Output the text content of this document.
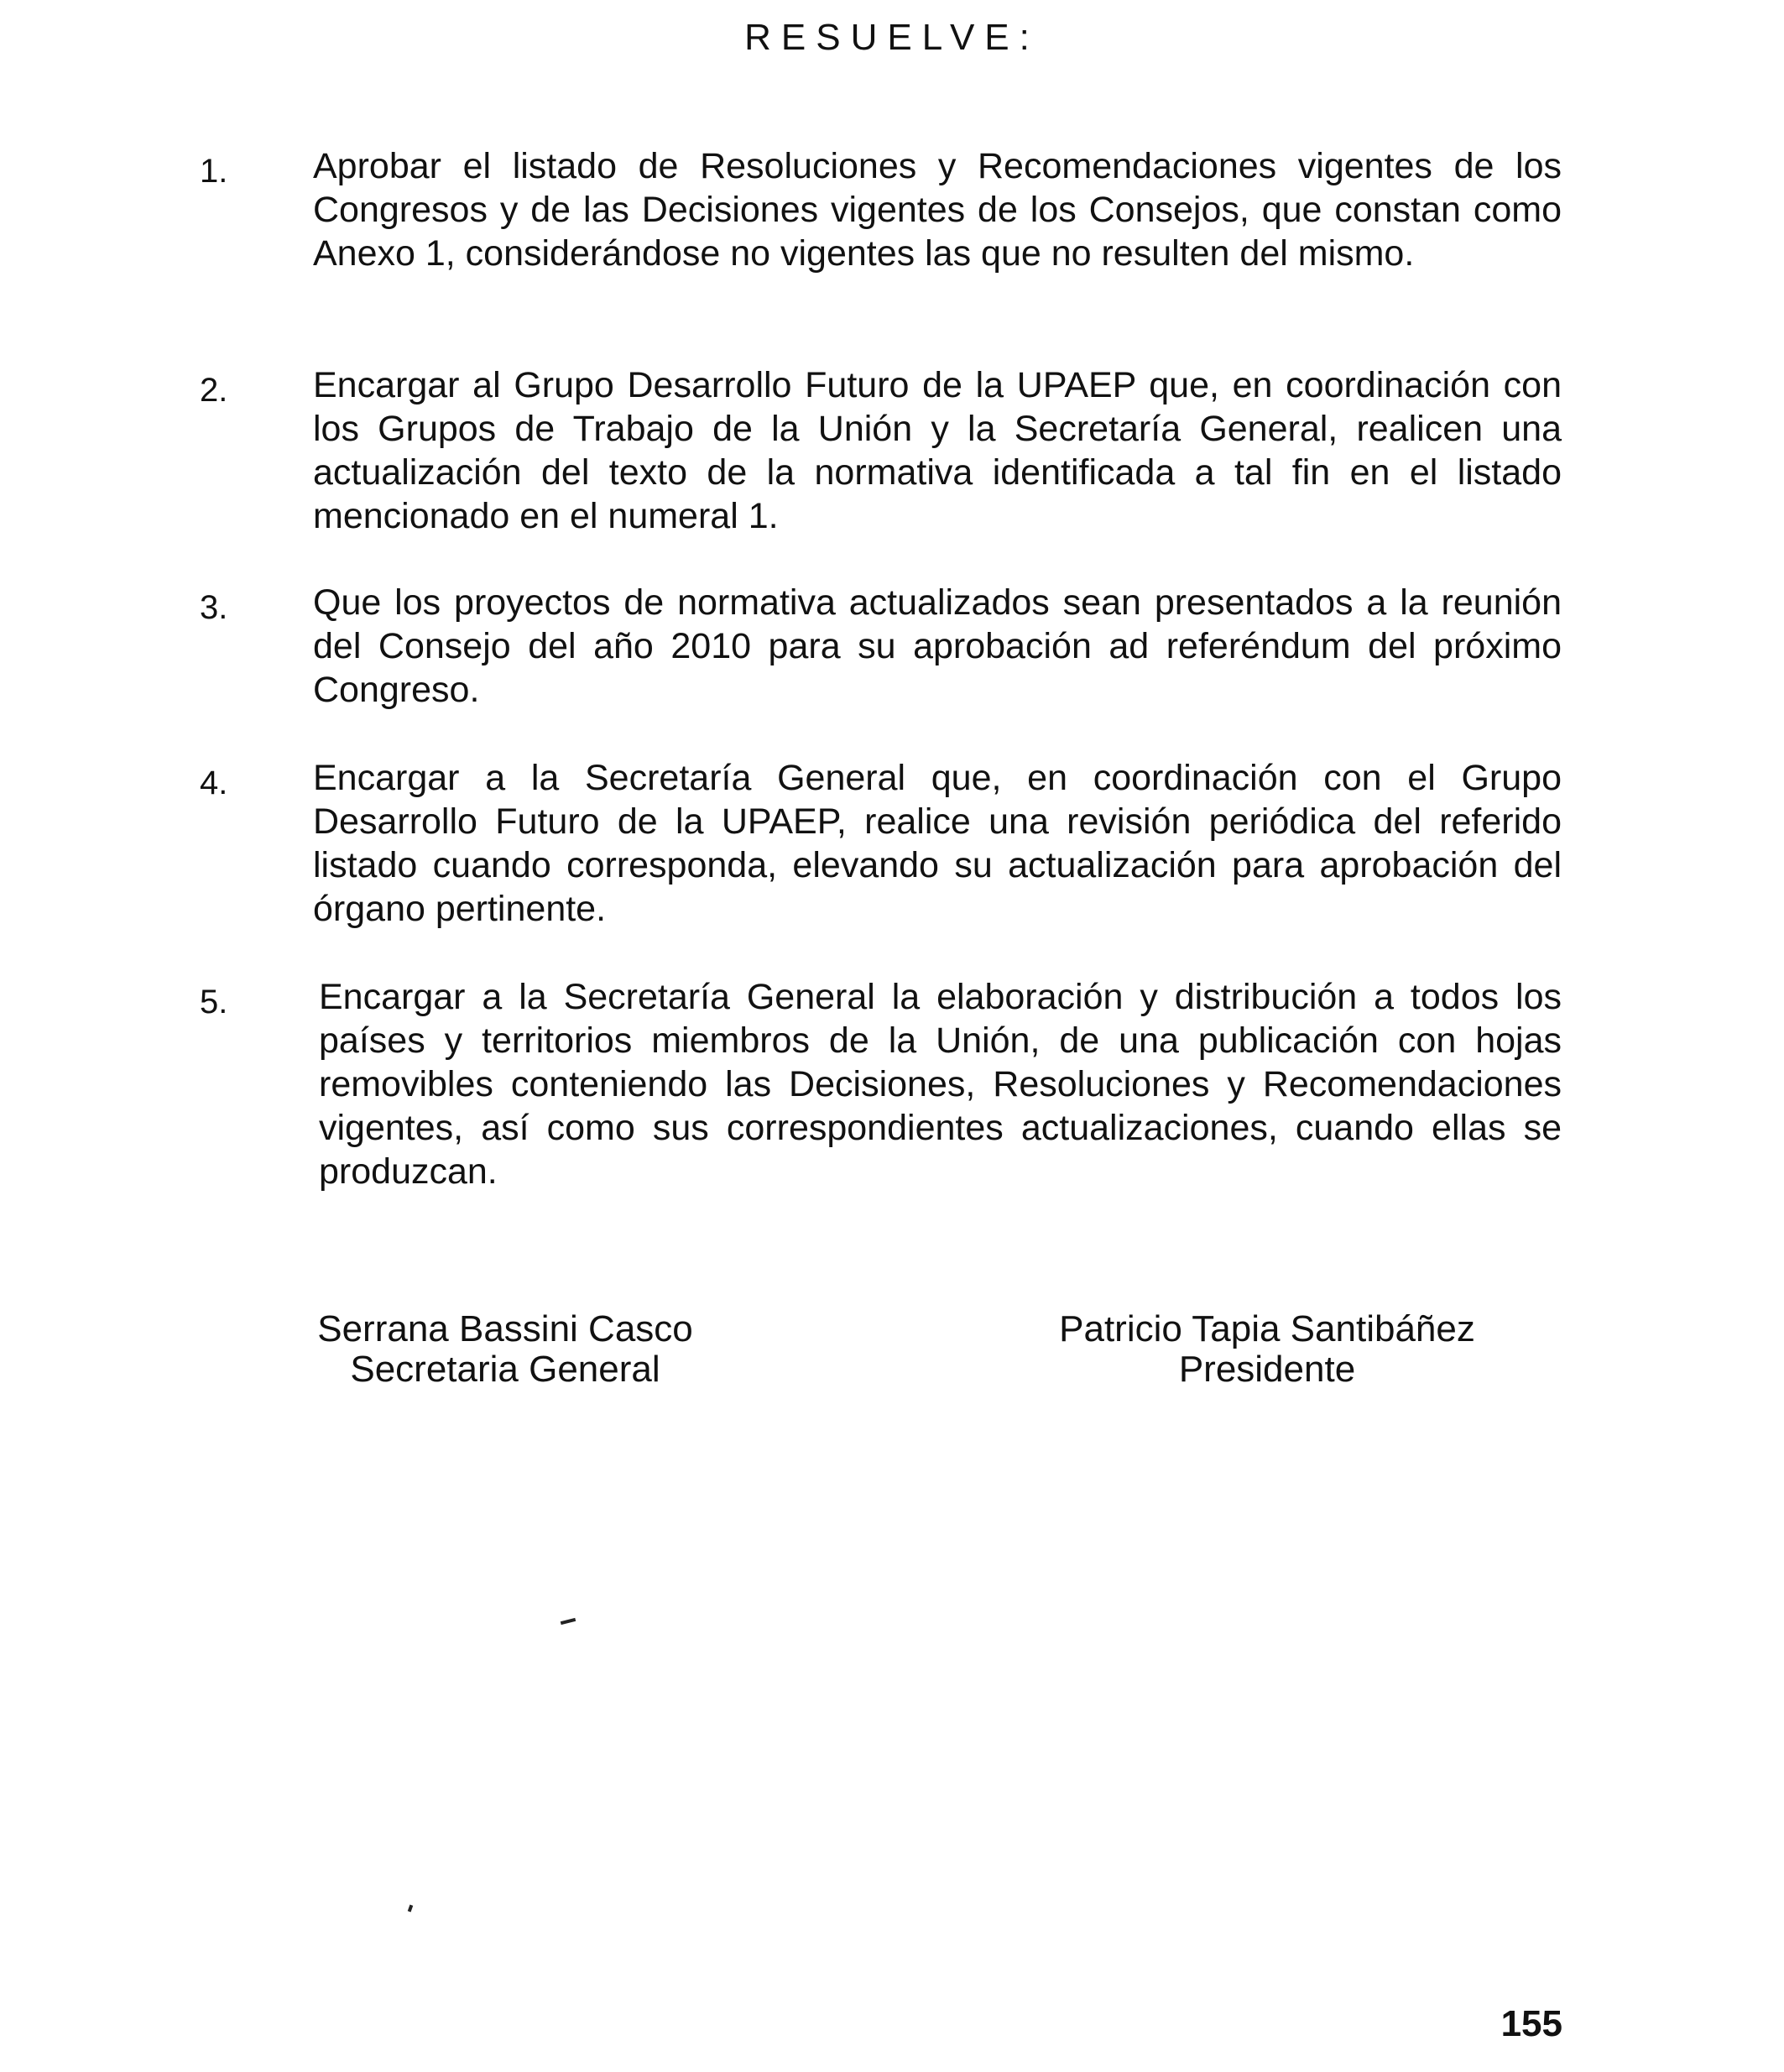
RESUELVE:
1. Aprobar el listado de Resoluciones y Recomendaciones vigentes de los Congresos y de las Decisiones vigentes de los Consejos, que constan como Anexo 1, considerándose no vigentes las que no resulten del mismo.
2. Encargar al Grupo Desarrollo Futuro de la UPAEP que, en coordinación con los Grupos de Trabajo de la Unión y la Secretaría General, realicen una actualización del texto de la normativa identificada a tal fin en el listado mencionado en el numeral 1.
3. Que los proyectos de normativa actualizados sean presentados a la reunión del Consejo del año 2010 para su aprobación ad referéndum del próximo Congreso.
4. Encargar a la Secretaría General que, en coordinación con el Grupo Desarrollo Futuro de la UPAEP, realice una revisión periódica del referido listado cuando corresponda, elevando su actualización para aprobación del órgano pertinente.
5.	Encargar a la Secretaría General la elaboración y distribución a todos los países y territorios miembros de la Unión, de una publicación con hojas removibles conteniendo las Decisiones, Resoluciones y Recomendaciones vigentes, así como sus correspondientes actualizaciones, cuando ellas se produzcan.
Serrana Bassini Casco
Secretaria General
Patricio Tapia Santibáñez
Presidente
155
